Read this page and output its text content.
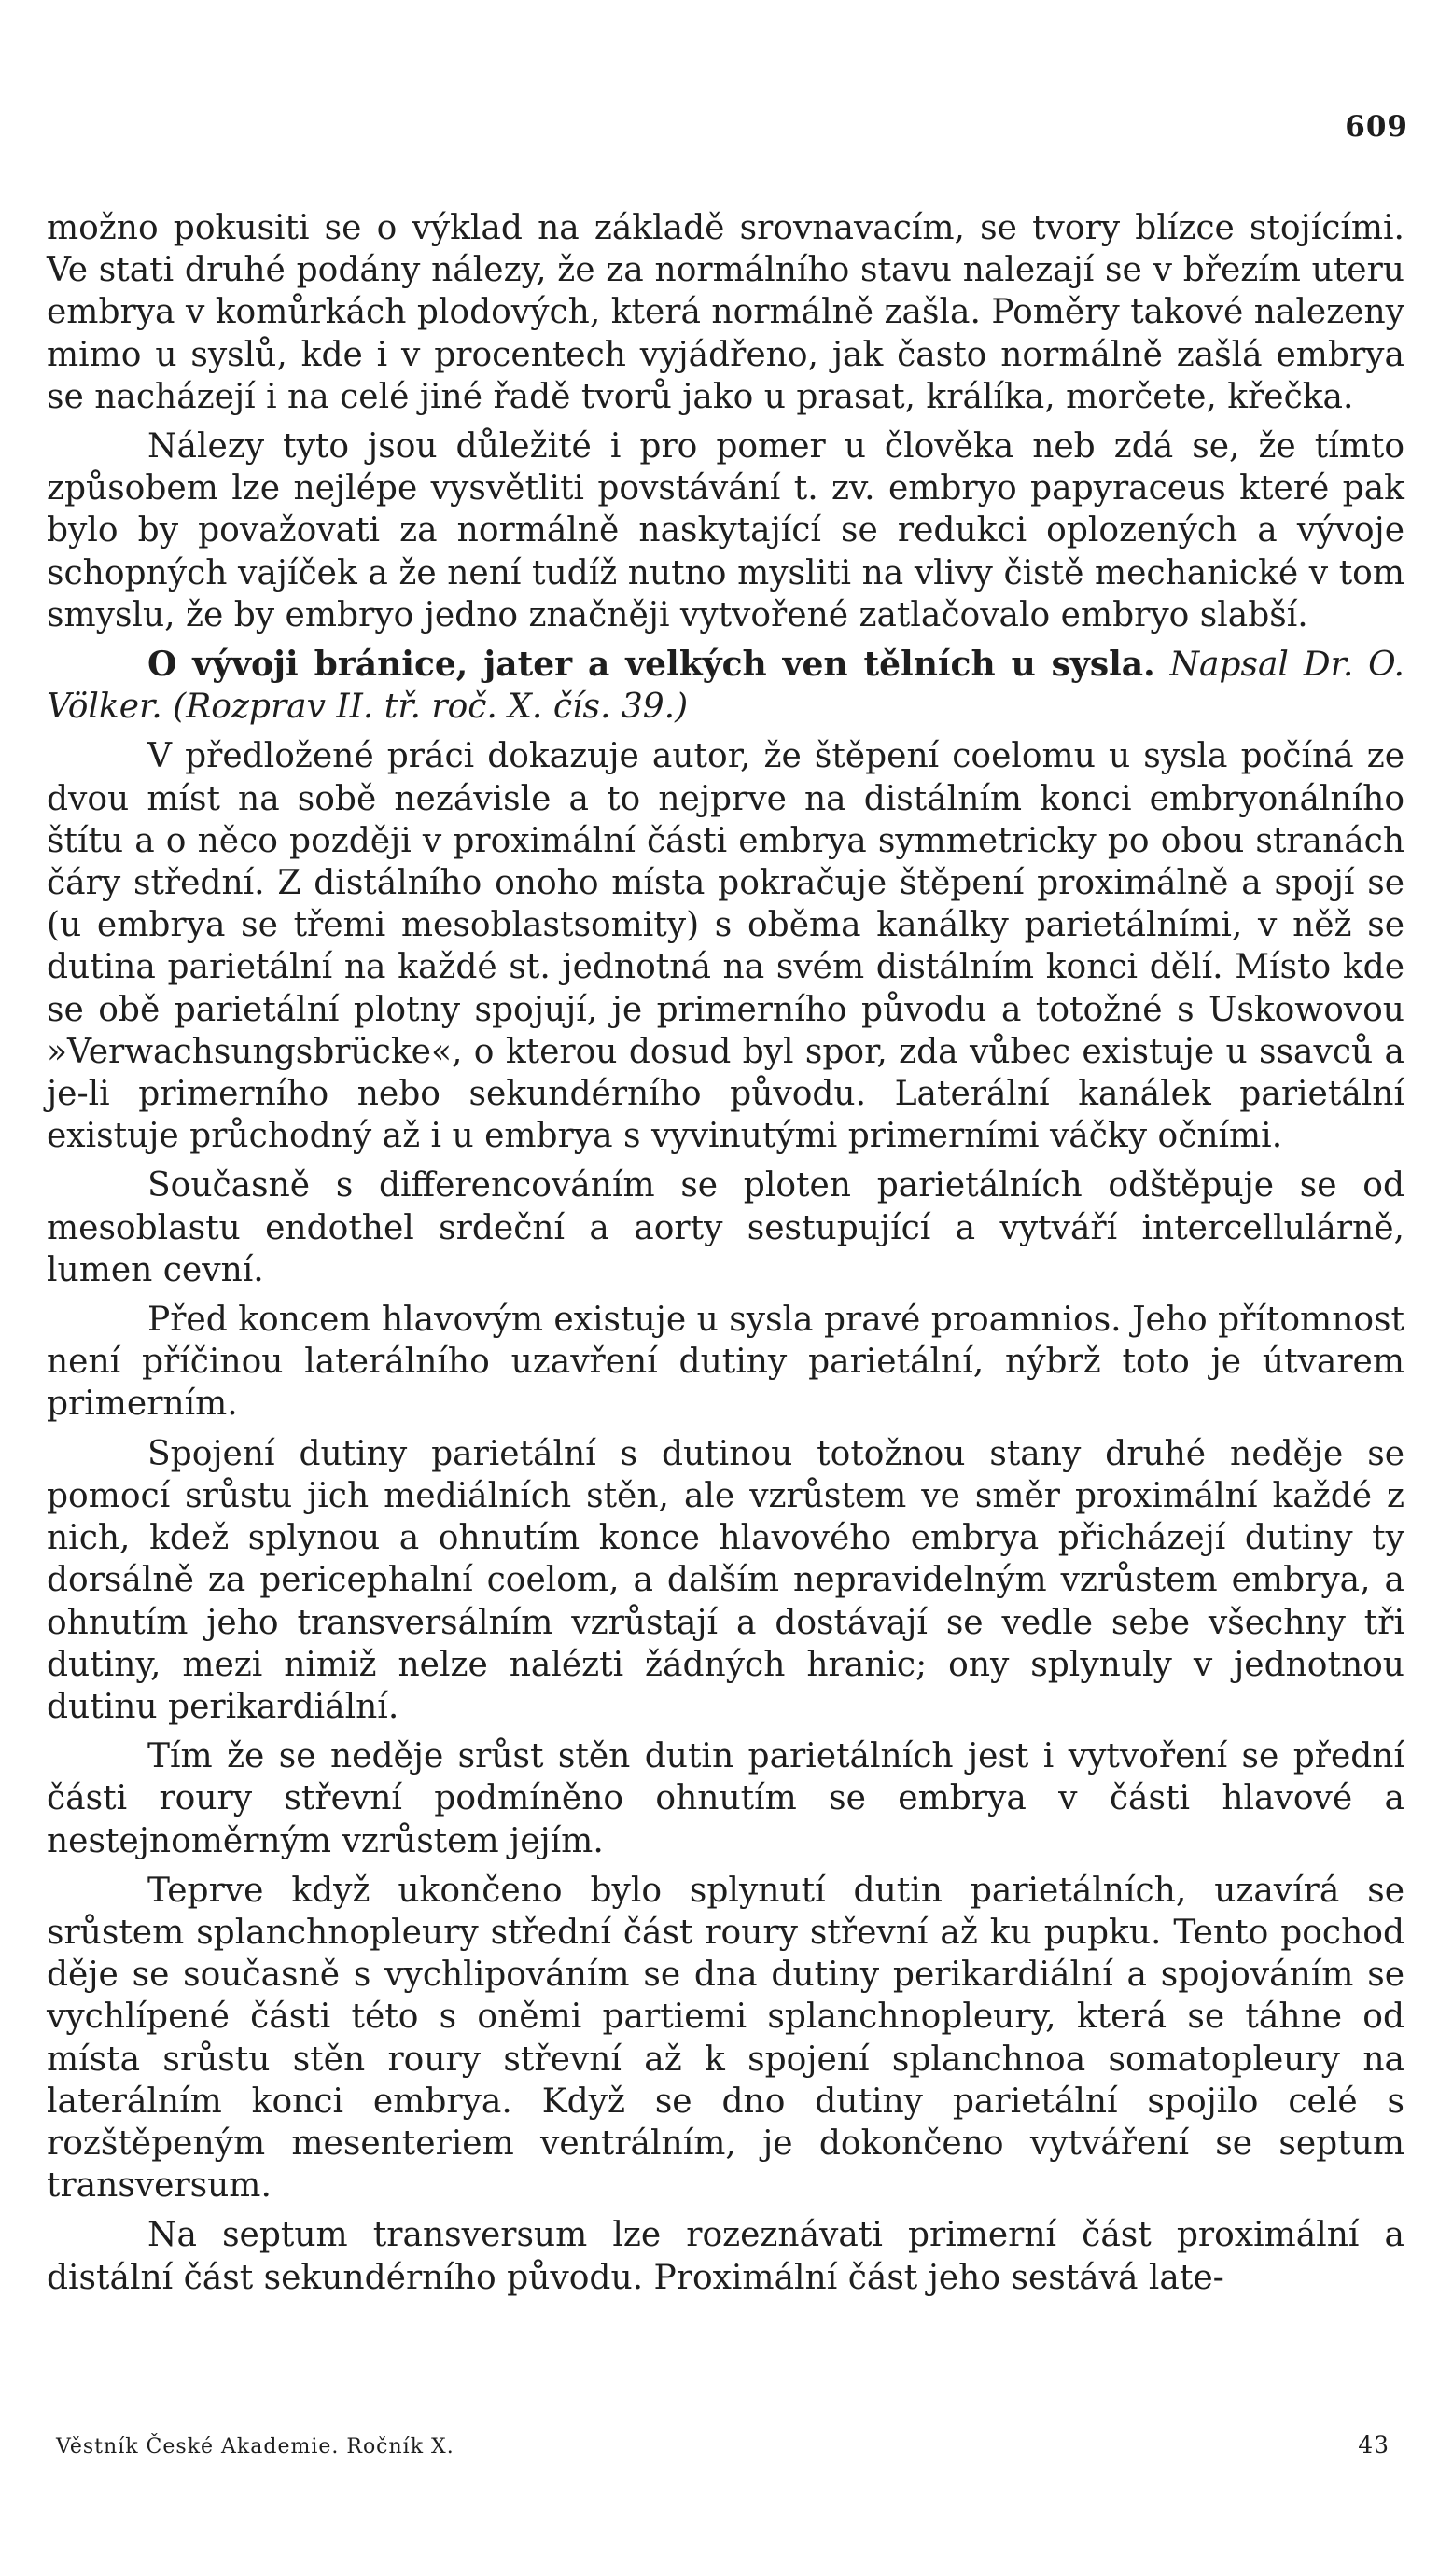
609

možno pokusiti se o výklad na základě srovnavacím, se tvory blízce stojícími. Ve stati druhé podány nálezy, že za normálního stavu nalezají se v březím uteru embrya v komůrkách plodových, která normálně zašla. Poměry takové nalezeny mimo u syslů, kde i v procentech vyjádřeno, jak často normálně zašlá embrya se nacházejí i na celé jiné řadě tvorů jako u prasat, králíka, morčete, křečka.

Nálezy tyto jsou důležité i pro pomer u člověka neb zdá se, že tímto způsobem lze nejlépe vysvětliti povstávání t. zv. embryo papyraceus které pak bylo by považovati za normálně naskytající se redukci oplozených a vývoje schopných vajíček a že není tudíž nutno mysliti na vlivy čistě mechanické v tom smyslu, že by embryo jedno značněji vytvořené zatlačovalo embryo slabší.

O vývoji bránice, jater a velkých ven tělních u sysla. Napsal Dr. O. Völker. (Rozprav II. tř. roč. X. čís. 39.)

V předložené práci dokazuje autor, že štěpení coelomu u sysla počíná ze dvou míst na sobě nezávisle a to nejprve na distálním konci embryonálního štítu a o něco později v proximální části embrya symmetricky po obou stranách čáry střední. Z distálního onoho místa pokračuje štěpení proximálně a spojí se (u embrya se třemi mesoblastsomity) s oběma kanálky parietálními, v něž se dutina parietální na každé st. jednotná na svém distálním konci dělí. Místo kde se obě parietální plotny spojují, je primerního původu a totožné s Uskowovou »Verwachsungsbrücke«, o kterou dosud byl spor, zda vůbec existuje u ssavců a je-li primerního nebo sekundérního původu. Laterální kanálek parietální existuje průchodný až i u embrya s vyvinutými primerními váčky očními.

Současně s differencováním se ploten parietálních odštěpuje se od mesoblastu endothel srdeční a aorty sestupující a vytváří intercellulárně, lumen cevní.

Před koncem hlavovým existuje u sysla pravé proamnios. Jeho přítomnost není příčinou laterálního uzavření dutiny parietální, nýbrž toto je útvarem primerním.

Spojení dutiny parietální s dutinou totožnou stany druhé neděje se pomocí srůstu jich mediálních stěn, ale vzrůstem ve směr proximální každé z nich, kdež splynou a ohnutím konce hlavového embrya přicházejí dutiny ty dorsálně za pericephalní coelom, a dalším nepravidelným vzrůstem embrya, a ohnutím jeho transversálním vzrůstají a dostávají se vedle sebe všechny tři dutiny, mezi nimiž nelze nalézti žádných hranic; ony splynuly v jednotnou dutinu perikardiální.

Tím že se neděje srůst stěn dutin parietálních jest i vytvoření se přední části roury střevní podmíněno ohnutím se embrya v části hlavové a nestejnoměrným vzrůstem jejím.

Teprve když ukončeno bylo splynutí dutin parietálních, uzavírá se srůstem splanchnopleury střední část roury střevní až ku pupku. Tento pochod děje se současně s vychlipováním se dna dutiny perikardiální a spojováním se vychlípené části této s oněmi partiemi splanchnopleury, která se táhne od místa srůstu stěn roury střevní až k spojení splanchnoa somatopleury na laterálním konci embrya. Když se dno dutiny parietální spojilo celé s rozštěpeným mesenteriem ventrálním, je dokončeno vytváření se septum transversum.

Na septum transversum lze rozeznávati primerní část proximální a distální část sekundérního původu. Proximální část jeho sestává late-

Věstník České Akademie. Ročník X.	43
